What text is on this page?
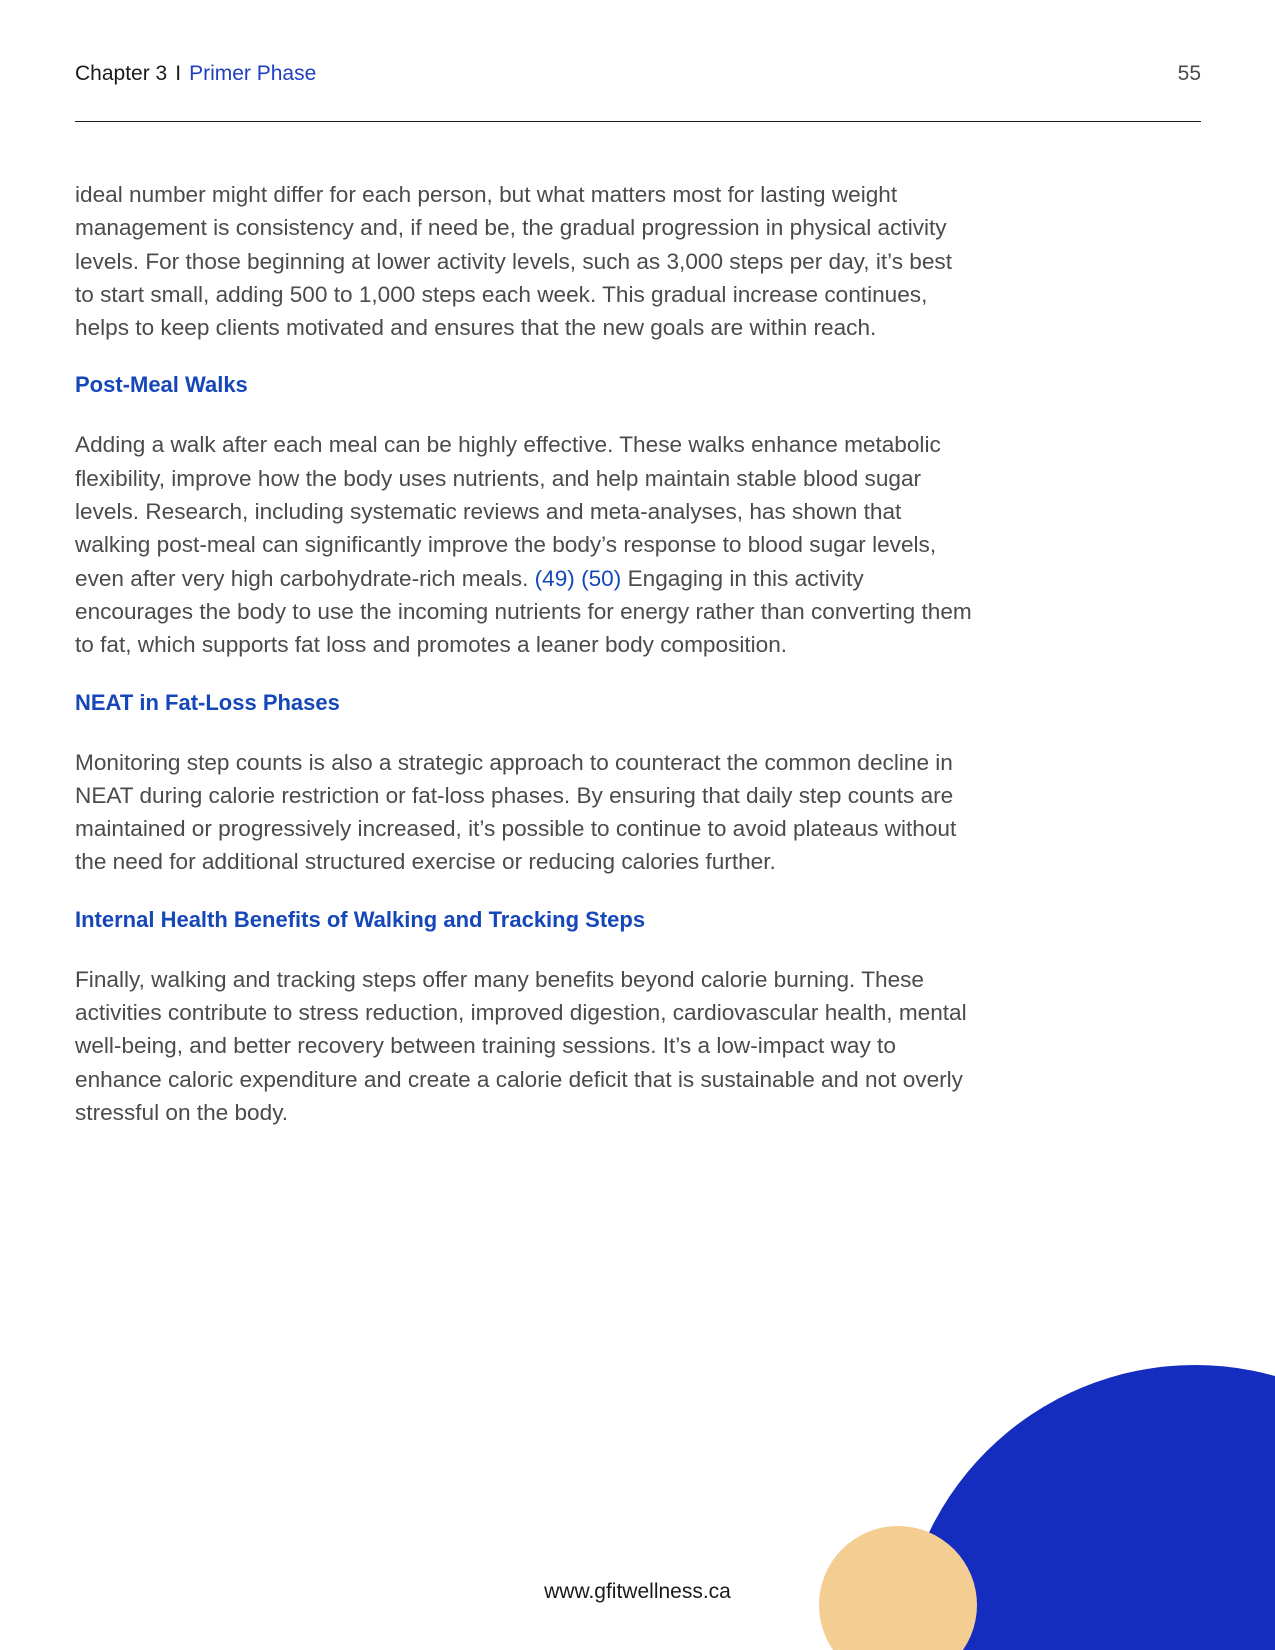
Chapter 3 I Primer Phase	55

ideal number might differ for each person, but what matters most for lasting weight management is consistency and, if need be, the gradual progression in physical activity levels. For those beginning at lower activity levels, such as 3,000 steps per day, it’s best to start small, adding 500 to 1,000 steps each week. This gradual increase continues, helps to keep clients motivated and ensures that the new goals are within reach.

Post-Meal Walks

Adding a walk after each meal can be highly effective. These walks enhance metabolic flexibility, improve how the body uses nutrients, and help maintain stable blood sugar levels. Research, including systematic reviews and meta-analyses, has shown that walking post-meal can significantly improve the body’s response to blood sugar levels, even after very high carbohydrate-rich meals. (49) (50) Engaging in this activity encourages the body to use the incoming nutrients for energy rather than converting them to fat, which supports fat loss and promotes a leaner body composition.

NEAT in Fat-Loss Phases

Monitoring step counts is also a strategic approach to counteract the common decline in NEAT during calorie restriction or fat-loss phases. By ensuring that daily step counts are maintained or progressively increased, it’s possible to continue to avoid plateaus without the need for additional structured exercise or reducing calories further.

Internal Health Benefits of Walking and Tracking Steps

Finally, walking and tracking steps offer many benefits beyond calorie burning. These activities contribute to stress reduction, improved digestion, cardiovascular health, mental well-being, and better recovery between training sessions. It’s a low-impact way to enhance caloric expenditure and create a calorie deficit that is sustainable and not overly stressful on the body.

www.gfitwellness.ca
